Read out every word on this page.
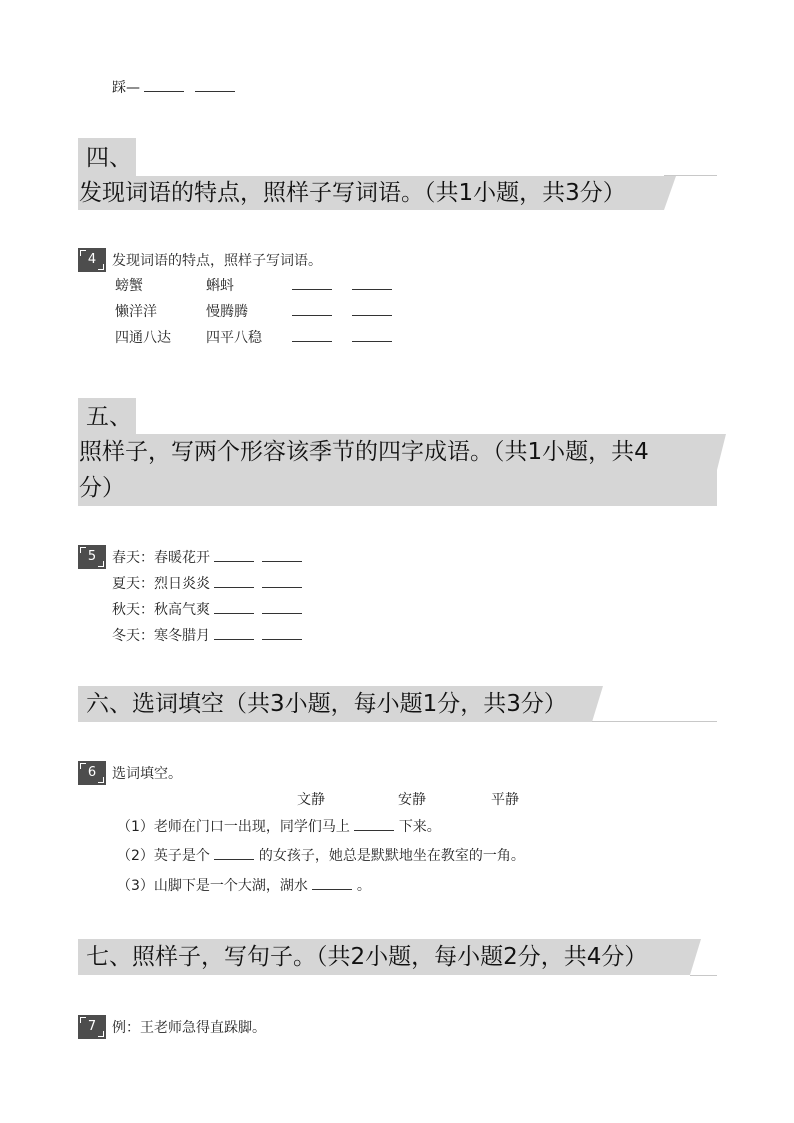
踩—
四、
发现词语的特点，照样子写词语。（共1小题，共3分）
4	发现词语的特点，照样子写词语。
螃蟹	蝌蚪
懒洋洋	慢腾腾
四通八达	四平八稳
五、
照样子，写两个形容该季节的四字成语。（共1小题，共4
分）
5	春天：春暖花开
夏天：烈日炎炎
秋天：秋高气爽
冬天：寒冬腊月
六、选词填空（共3小题，每小题1分，共3分）
6	选词填空。
文静	安静	平静
（1）老师在门口一出现，同学们马上	下来。
（2）英子是个	的女孩子，她总是默默地坐在教室的一角。
（3）山脚下是一个大湖，湖水	。
七、照样子，写句子。（共2小题，每小题2分，共4分）
7	例：王老师急得直跺脚。
